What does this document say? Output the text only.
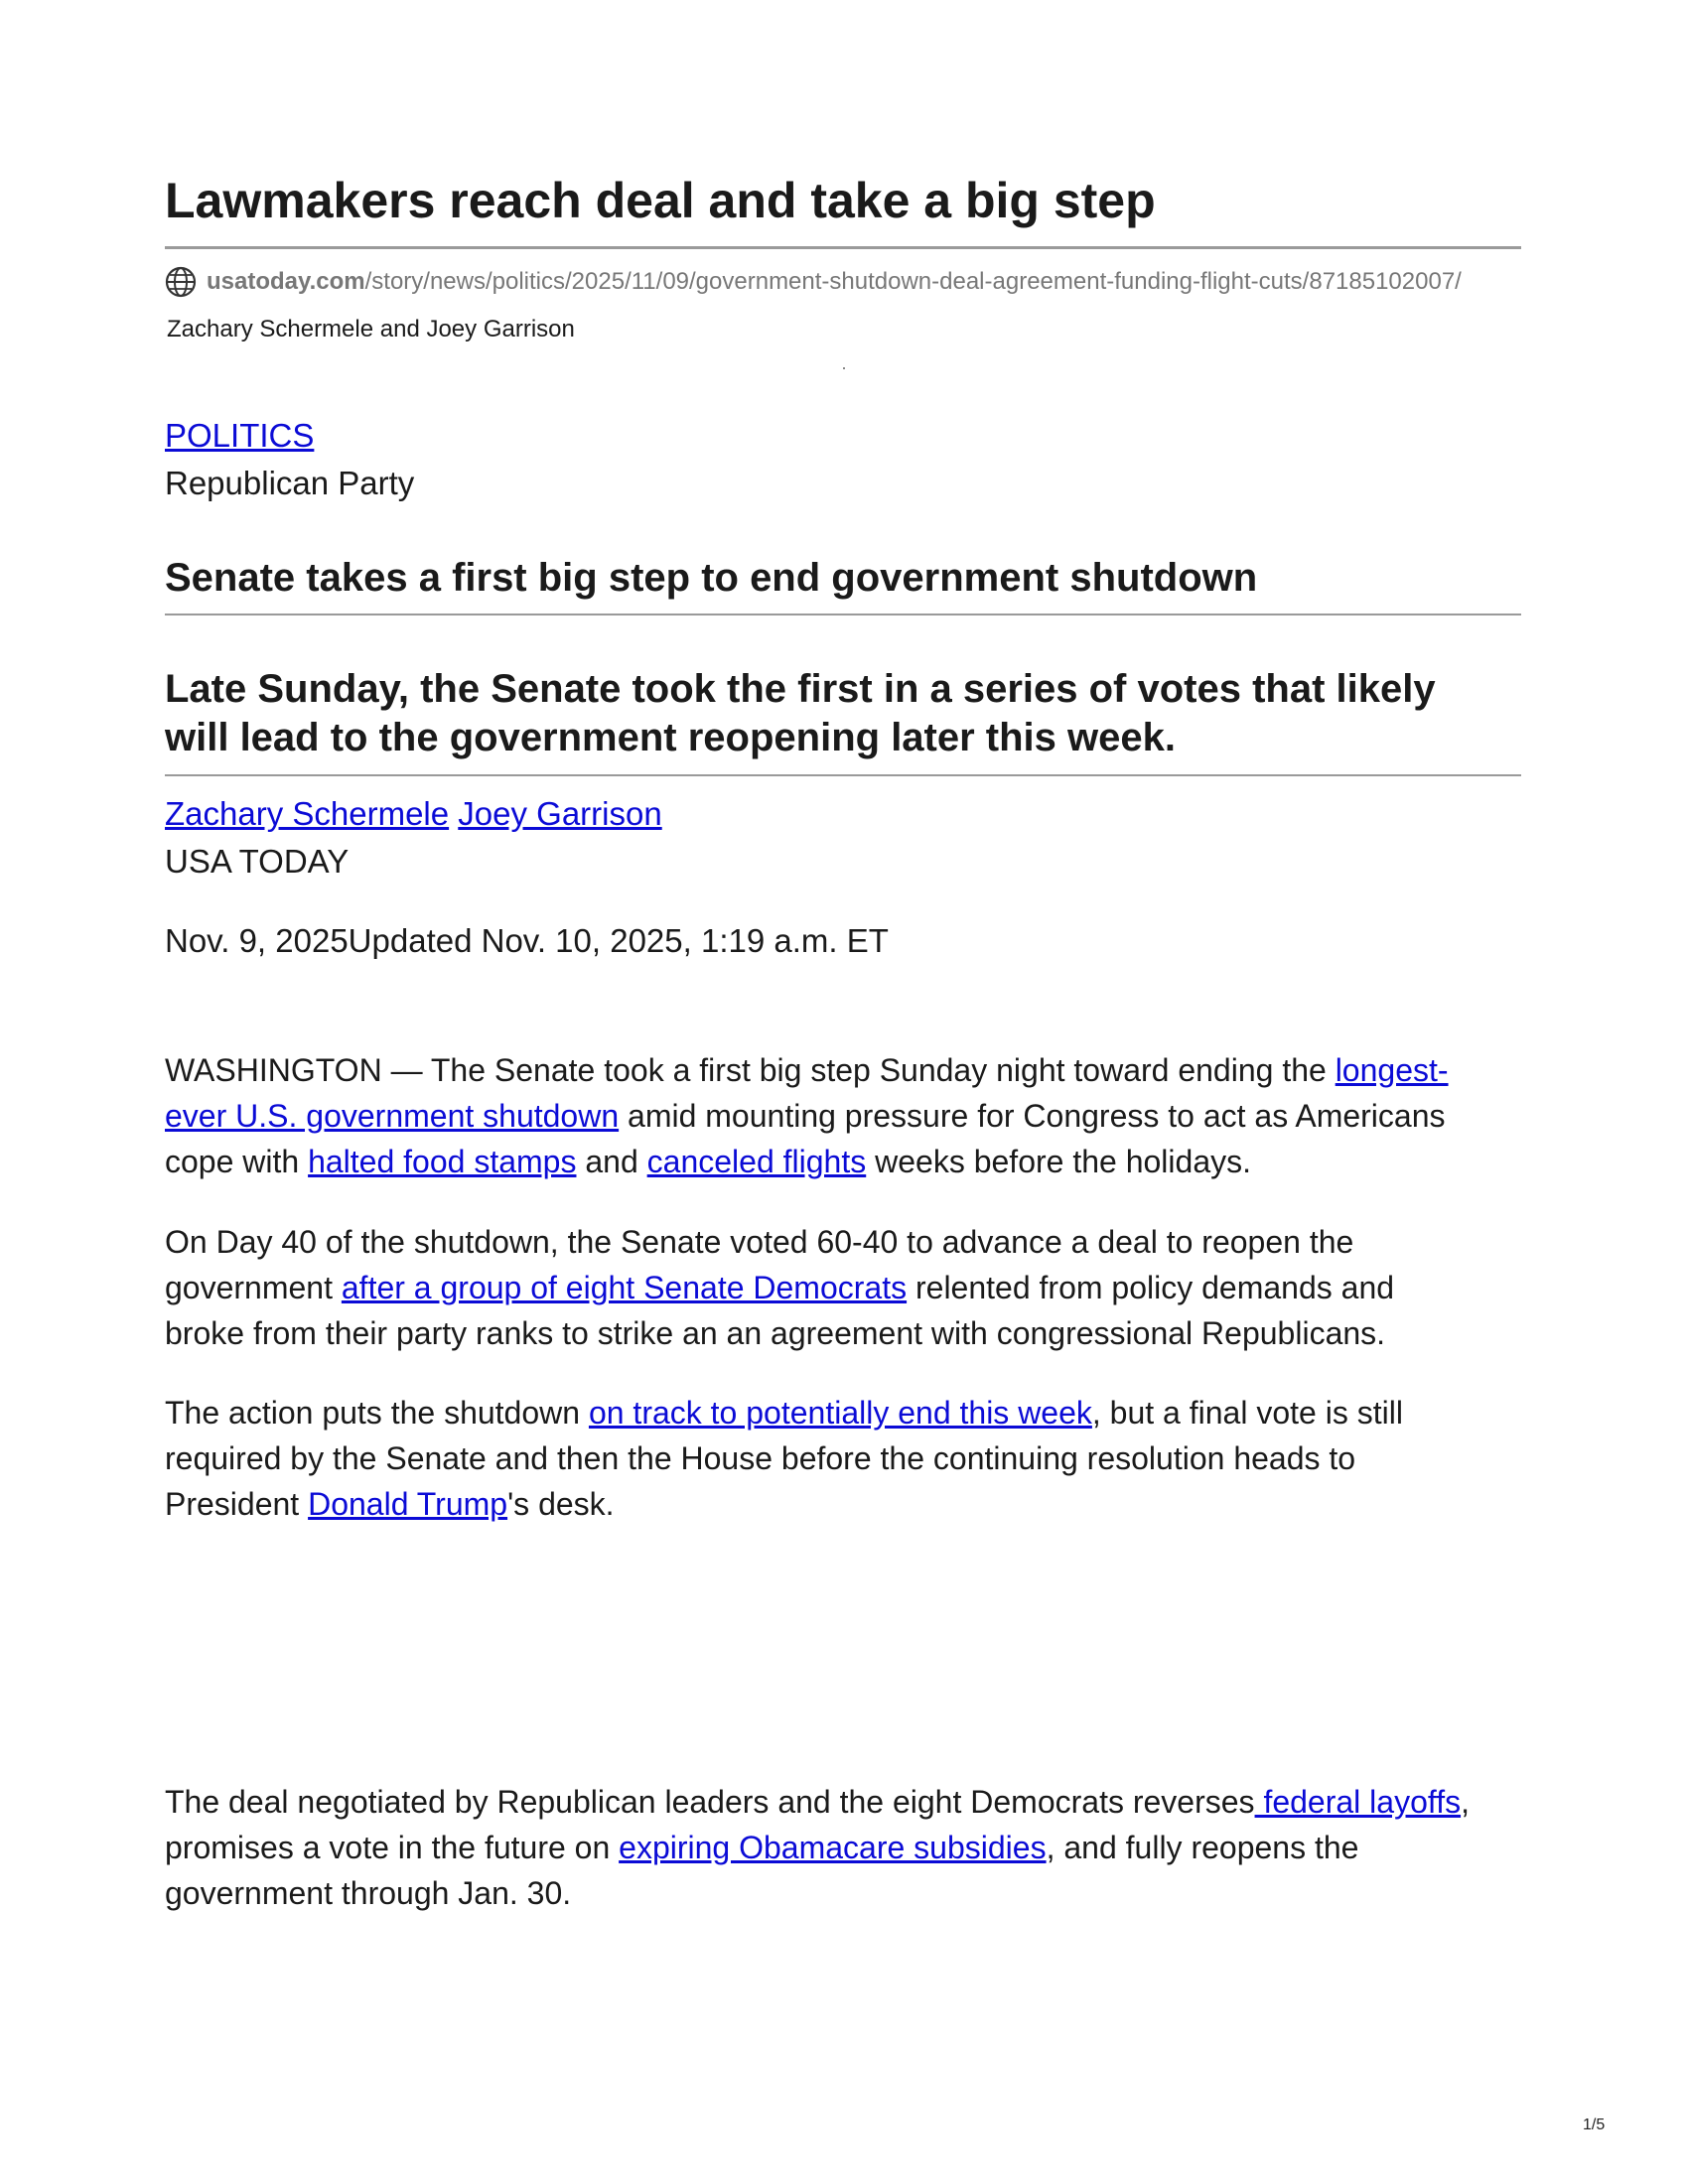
Lawmakers reach deal and take a big step
usatoday.com /story/news/politics/2025/11/09/government-shutdown-deal-agreement-funding-flight-cuts/87185102007/
Zachary Schermele and Joey Garrison
POLITICS
Republican Party
Senate takes a first big step to end government shutdown
Late Sunday, the Senate took the first in a series of votes that likely
will lead to the government reopening later this week.
Zachary Schermele Joey Garrison
USA TODAY
Nov. 9, 2025Updated Nov. 10, 2025, 1:19 a.m. ET
WASHINGTON — The Senate took a first big step Sunday night toward ending the longest-
ever U.S. government shutdown amid mounting pressure for Congress to act as Americans
cope with halted food stamps and canceled flights weeks before the holidays.
On Day 40 of the shutdown, the Senate voted 60-40 to advance a deal to reopen the
government after a group of eight Senate Democrats relented from policy demands and
broke from their party ranks to strike an an agreement with congressional Republicans.
The action puts the shutdown on track to potentially end this week, but a final vote is still
required by the Senate and then the House before the continuing resolution heads to
President Donald Trump's desk.
The deal negotiated by Republican leaders and the eight Democrats reverses federal layoffs,
promises a vote in the future on expiring Obamacare subsidies, and fully reopens the
government through Jan. 30.
1/5
